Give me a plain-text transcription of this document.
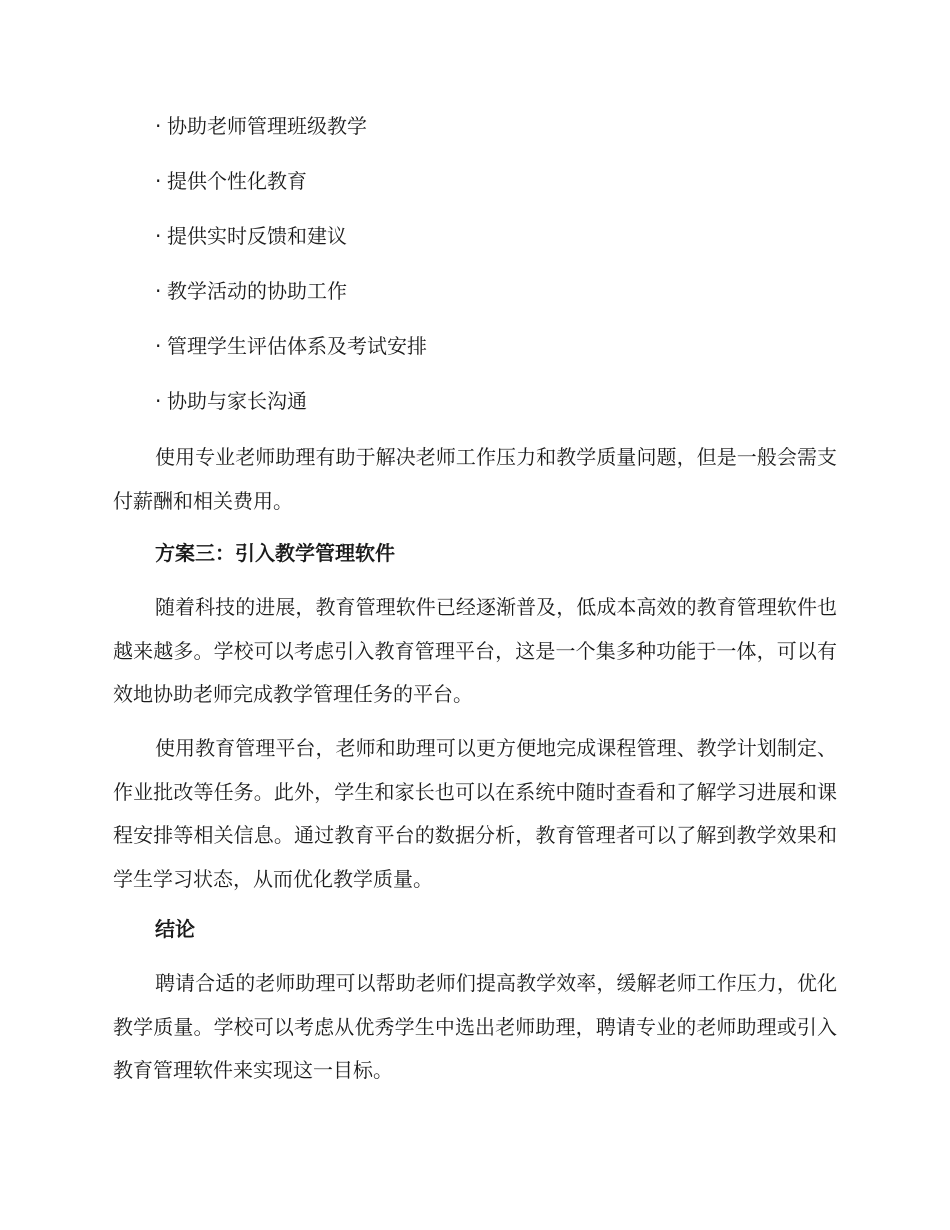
· 协助老师管理班级教学
· 提供个性化教育
· 提供实时反馈和建议
· 教学活动的协助工作
· 管理学生评估体系及考试安排
· 协助与家长沟通

使用专业老师助理有助于解决老师工作压力和教学质量问题，但是一般会需支付薪酬和相关费用。

方案三：引入教学管理软件

随着科技的进展，教育管理软件已经逐渐普及，低成本高效的教育管理软件也越来越多。学校可以考虑引入教育管理平台，这是一个集多种功能于一体，可以有效地协助老师完成教学管理任务的平台。

使用教育管理平台，老师和助理可以更方便地完成课程管理、教学计划制定、作业批改等任务。此外，学生和家长也可以在系统中随时查看和了解学习进展和课程安排等相关信息。通过教育平台的数据分析，教育管理者可以了解到教学效果和学生学习状态，从而优化教学质量。

结论

聘请合适的老师助理可以帮助老师们提高教学效率，缓解老师工作压力，优化教学质量。学校可以考虑从优秀学生中选出老师助理，聘请专业的老师助理或引入教育管理软件来实现这一目标。
